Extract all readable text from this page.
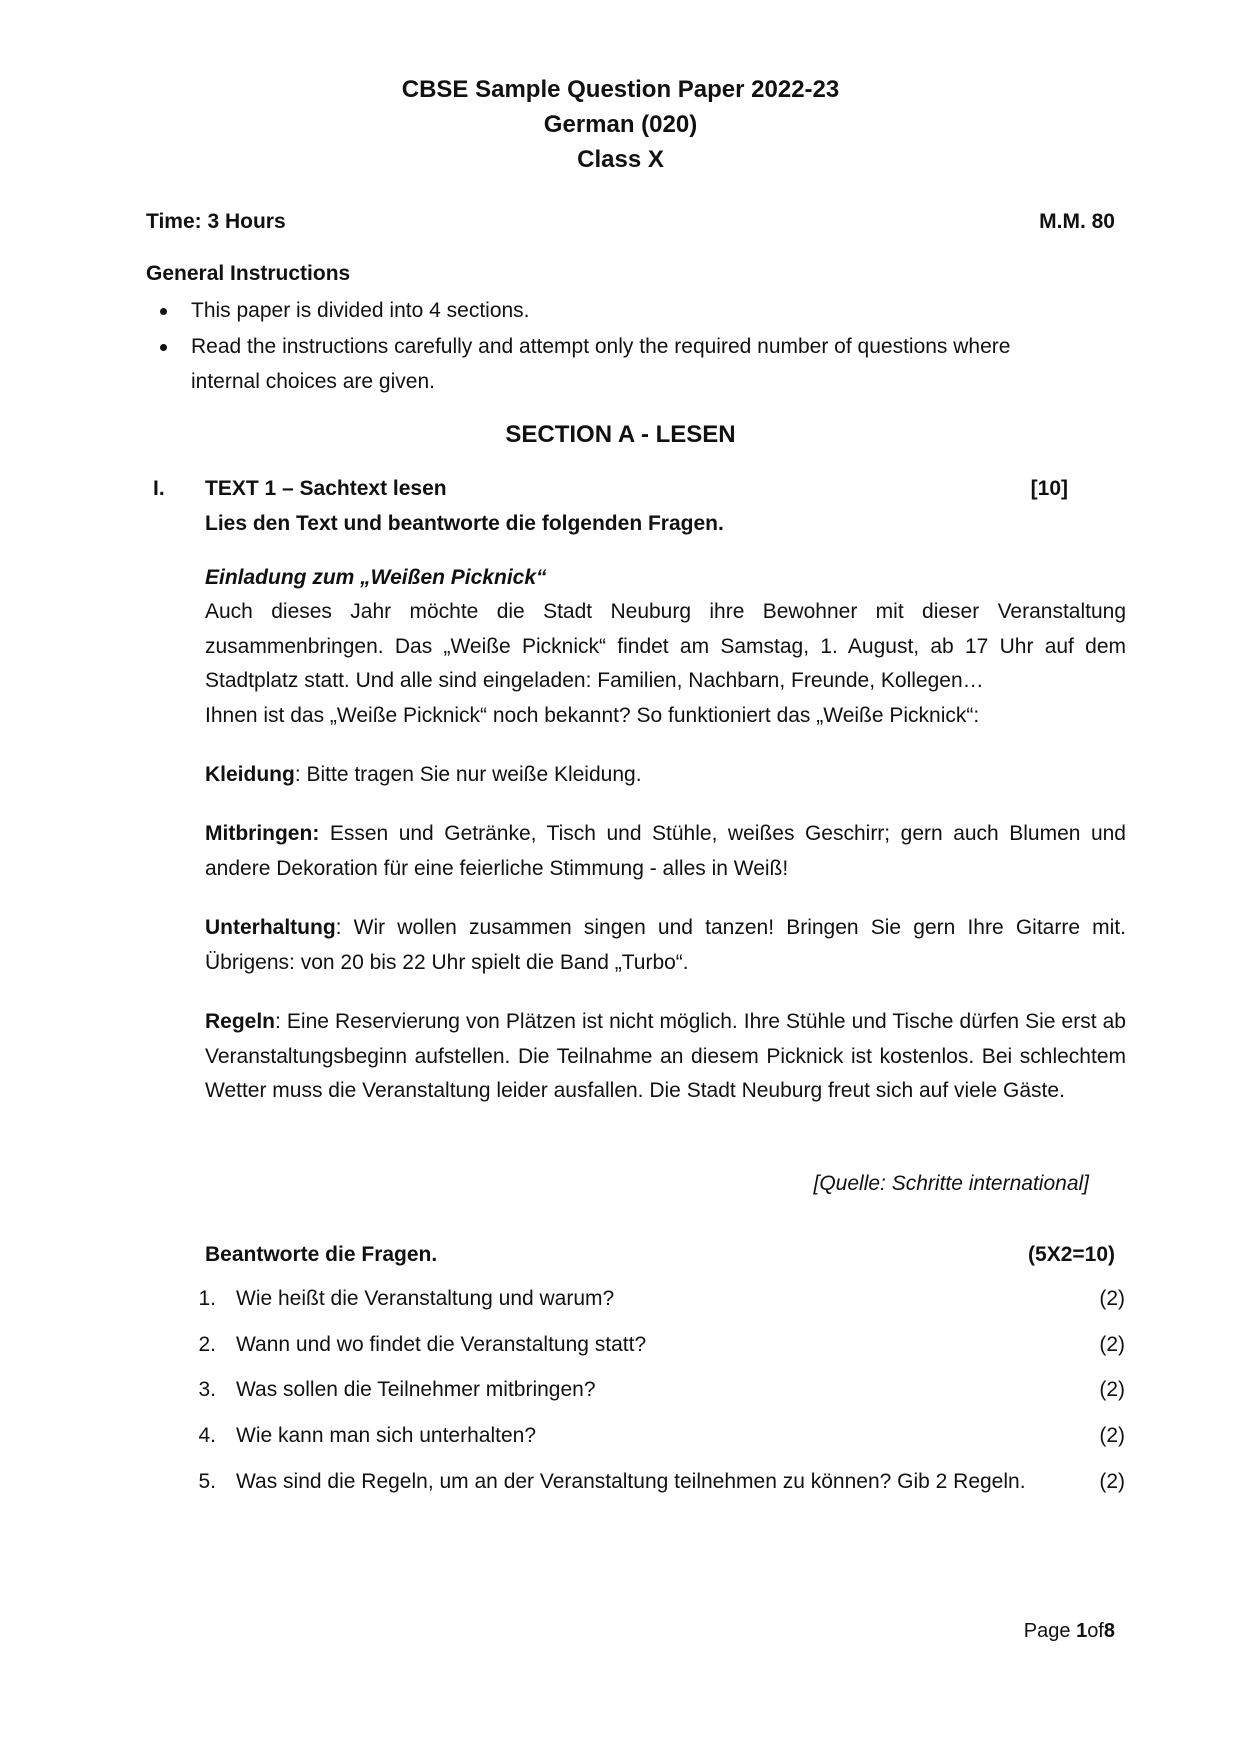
CBSE Sample Question Paper 2022-23
German (020)
Class X
Time: 3 Hours	M.M. 80
General Instructions
This paper is divided into 4 sections.
Read the instructions carefully and attempt only the required number of questions where
internal choices are given.
SECTION A - LESEN
I. TEXT 1 – Sachtext lesen	[10]
Lies den Text und beantworte die folgenden Fragen.
Einladung zum „Weißen Picknick“
Auch dieses Jahr möchte die Stadt Neuburg ihre Bewohner mit dieser Veranstaltung zusammenbringen. Das „Weiße Picknick“ findet am Samstag, 1. August, ab 17 Uhr auf dem Stadtplatz statt. Und alle sind eingeladen: Familien, Nachbarn, Freunde, Kollegen…
Ihnen ist das „Weiße Picknick“ noch bekannt? So funktioniert das „Weiße Picknick“:
Kleidung: Bitte tragen Sie nur weiße Kleidung.
Mitbringen: Essen und Getränke, Tisch und Stühle, weißes Geschirr; gern auch Blumen und andere Dekoration für eine feierliche Stimmung - alles in Weiß!
Unterhaltung: Wir wollen zusammen singen und tanzen! Bringen Sie gern Ihre Gitarre mit. Übrigens: von 20 bis 22 Uhr spielt die Band „Turbo“.
Regeln: Eine Reservierung von Plätzen ist nicht möglich. Ihre Stühle und Tische dürfen Sie erst ab Veranstaltungsbeginn aufstellen. Die Teilnahme an diesem Picknick ist kostenlos. Bei schlechtem Wetter muss die Veranstaltung leider ausfallen. Die Stadt Neuburg freut sich auf viele Gäste.
[Quelle: Schritte international]
Beantworte die Fragen.	(5X2=10)
1. Wie heißt die Veranstaltung und warum?	(2)
2. Wann und wo findet die Veranstaltung statt?	(2)
3. Was sollen die Teilnehmer mitbringen?	(2)
4. Wie kann man sich unterhalten?	(2)
5. Was sind die Regeln, um an der Veranstaltung teilnehmen zu können? Gib 2 Regeln.	(2)
Page 1of8
